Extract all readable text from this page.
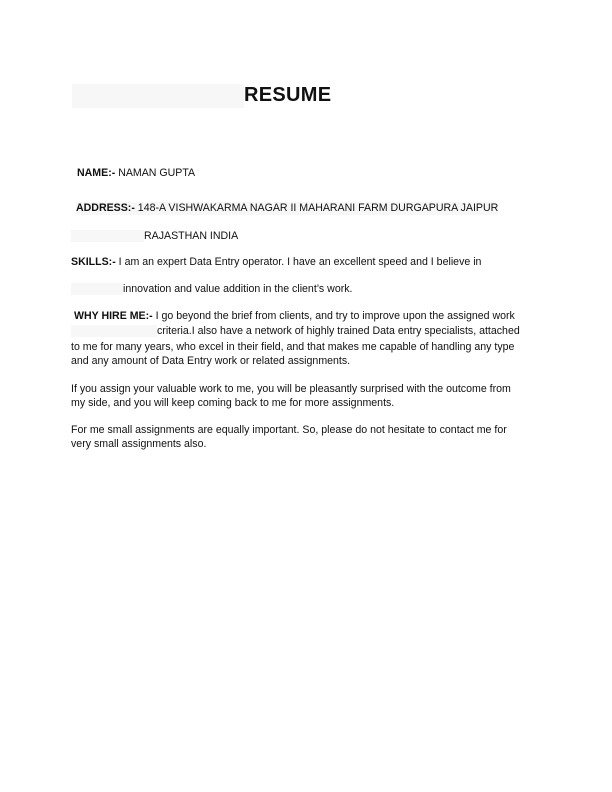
RESUME
NAME:- NAMAN GUPTA
ADDRESS:- 148-A VISHWAKARMA NAGAR II MAHARANI FARM DURGAPURA JAIPUR
RAJASTHAN INDIA
SKILLS:- I am an expert Data Entry operator. I have an excellent speed and I believe in
innovation and value addition in the client’s work.
WHY HIRE ME:- I go beyond the brief from clients, and try to improve upon the assigned work
criteria.I also have a network of highly trained Data entry specialists, attached
to me for many years, who excel in their field, and that makes me capable of handling any type
and any amount of Data Entry work or related assignments.
If you assign your valuable work to me, you will be pleasantly surprised with the outcome from
my side, and you will keep coming back to me for more assignments.
For me small assignments are equally important. So, please do not hesitate to contact me for
very small assignments also.
